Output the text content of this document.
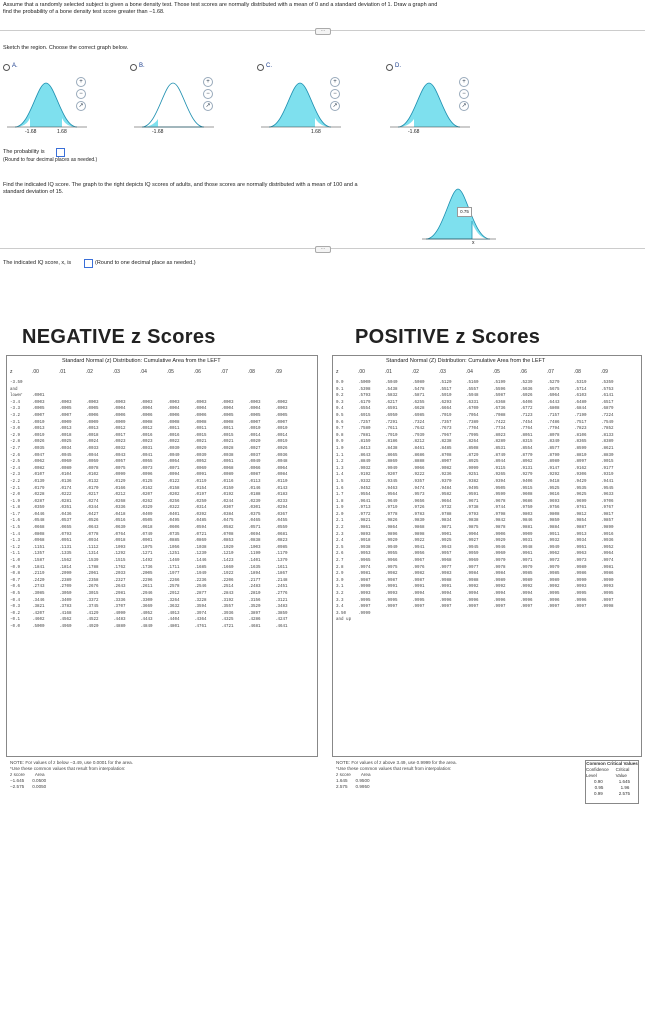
Assume that a randomly selected subject is given a bone density test. Those test scores are normally distributed with a mean of 0 and a standard deviation of 1. Draw a graph and
find the probability of a bone density test score greater than −1.68.
···
Sketch the region. Choose the correct graph below.
A.
-1.68	1.68
+
−
↗
B.
-1.68
+
−
↗
C.
1.68
+
−
↗
D.
-1.68
+
−
↗
The probability is
(Round to four decimal places as needed.)
Find the indicated IQ score. The graph to the right depicts IQ scores of adults, and those scores are normally distributed with a mean of 100 and a
standard deviation of 15.
x
0.75
···
The indicated IQ score, x, is	(Round to one decimal place as needed.)
NEGATIVE z Scores	POSITIVE z Scores
Standard Normal (z) Distribution: Cumulative Area from the LEFT
z	.00	.01	.02	.03	.04	.05	.06	.07	.08	.09
-3.50
and
lower	.0001
-3.4	.0003	.0003	.0003	.0003	.0003	.0003	.0003	.0003	.0003	.0002
-3.3	.0005	.0005	.0005	.0004	.0004	.0004	.0004	.0004	.0004	.0003
-3.2	.0007	.0007	.0006	.0006	.0006	.0006	.0006	.0005	.0005	.0005
-3.1	.0010	.0009	.0009	.0009	.0008	.0008	.0008	.0008	.0007	.0007
-3.0	.0013	.0013	.0013	.0012	.0012	.0011	.0011	.0011	.0010	.0010
-2.9	.0019	.0018	.0018	.0017	.0016	.0016	.0015	.0015	.0014	.0014
-2.8	.0026	.0025	.0024	.0023	.0023	.0022	.0021	.0021	.0020	.0019
-2.7	.0035	.0034	.0033	.0032	.0031	.0030	.0029	.0028	.0027	.0026
-2.6	.0047	.0045	.0044	.0043	.0041	.0040	.0039	.0038	.0037	.0036
-2.5	.0062	.0060	.0059	.0057	.0055	.0054	.0052	.0051	.0049	.0048
-2.4	.0082	.0080	.0078	.0075	.0073	.0071	.0069	.0068	.0066	.0064
-2.3	.0107	.0104	.0102	.0099	.0096	.0094	.0091	.0089	.0087	.0084
-2.2	.0139	.0136	.0132	.0129	.0125	.0122	.0119	.0116	.0113	.0110
-2.1	.0179	.0174	.0170	.0166	.0162	.0158	.0154	.0150	.0146	.0143
-2.0	.0228	.0222	.0217	.0212	.0207	.0202	.0197	.0192	.0188	.0183
-1.9	.0287	.0281	.0274	.0268	.0262	.0256	.0250	.0244	.0239	.0233
-1.8	.0359	.0351	.0344	.0336	.0329	.0322	.0314	.0307	.0301	.0294
-1.7	.0446	.0436	.0427	.0418	.0409	.0401	.0392	.0384	.0375	.0367
-1.6	.0548	.0537	.0526	.0516	.0505	.0495	.0485	.0475	.0465	.0455
-1.5	.0668	.0655	.0643	.0630	.0618	.0606	.0594	.0582	.0571	.0559
-1.4	.0808	.0793	.0778	.0764	.0749	.0735	.0721	.0708	.0694	.0681
-1.3	.0968	.0951	.0934	.0918	.0901	.0885	.0869	.0853	.0838	.0823
-1.2	.1151	.1131	.1112	.1093	.1075	.1056	.1038	.1020	.1003	.0985
-1.1	.1357	.1335	.1314	.1292	.1271	.1251	.1230	.1210	.1190	.1170
-1.0	.1587	.1562	.1539	.1515	.1492	.1469	.1446	.1423	.1401	.1379
-0.9	.1841	.1814	.1788	.1762	.1736	.1711	.1685	.1660	.1635	.1611
-0.8	.2119	.2090	.2061	.2033	.2005	.1977	.1949	.1922	.1894	.1867
-0.7	.2420	.2389	.2358	.2327	.2296	.2266	.2236	.2206	.2177	.2148
-0.6	.2743	.2709	.2676	.2643	.2611	.2578	.2546	.2514	.2483	.2451
-0.5	.3085	.3050	.3015	.2981	.2946	.2912	.2877	.2843	.2810	.2776
-0.4	.3446	.3409	.3372	.3336	.3300	.3264	.3228	.3192	.3156	.3121
-0.3	.3821	.3783	.3745	.3707	.3669	.3632	.3594	.3557	.3520	.3483
-0.2	.4207	.4168	.4129	.4090	.4052	.4013	.3974	.3936	.3897	.3859
-0.1	.4602	.4562	.4522	.4483	.4443	.4404	.4364	.4325	.4286	.4247
-0.0	.5000	.4960	.4920	.4880	.4840	.4801	.4761	.4721	.4681	.4641
NOTE: For values of z below −3.49, use 0.0001 for the area.
*Use these common values that result from interpolation:
z score Area
−1.645 0.0500
−2.575 0.0050
Standard Normal (Z) Distribution: Cumulative Area from the LEFT
z	.00	.01	.02	.03	.04	.05	.06	.07	.08	.09
0.0	.5000	.5040	.5080	.5120	.5160	.5199	.5239	.5279	.5319	.5359
0.1	.5398	.5438	.5478	.5517	.5557	.5596	.5636	.5675	.5714	.5753
0.2	.5793	.5832	.5871	.5910	.5948	.5987	.6026	.6064	.6103	.6141
0.3	.6179	.6217	.6255	.6293	.6331	.6368	.6406	.6443	.6480	.6517
0.4	.6554	.6591	.6628	.6664	.6700	.6736	.6772	.6808	.6844	.6879
0.5	.6915	.6950	.6985	.7019	.7054	.7088	.7123	.7157	.7190	.7224
0.6	.7257	.7291	.7324	.7357	.7389	.7422	.7454	.7486	.7517	.7549
0.7	.7580	.7611	.7642	.7673	.7704	.7734	.7764	.7794	.7823	.7852
0.8	.7881	.7910	.7939	.7967	.7995	.8023	.8051	.8078	.8106	.8133
0.9	.8159	.8186	.8212	.8238	.8264	.8289	.8315	.8340	.8365	.8389
1.0	.8413	.8438	.8461	.8485	.8508	.8531	.8554	.8577	.8599	.8621
1.1	.8643	.8665	.8686	.8708	.8729	.8749	.8770	.8790	.8810	.8830
1.2	.8849	.8869	.8888	.8907	.8925	.8944	.8962	.8980	.8997	.9015
1.3	.9032	.9049	.9066	.9082	.9099	.9115	.9131	.9147	.9162	.9177
1.4	.9192	.9207	.9222	.9236	.9251	.9265	.9279	.9292	.9306	.9319
1.5	.9332	.9345	.9357	.9370	.9382	.9394	.9406	.9418	.9429	.9441
1.6	.9452	.9463	.9474	.9484	.9495	.9505	.9515	.9525	.9535	.9545
1.7	.9554	.9564	.9573	.9582	.9591	.9599	.9608	.9616	.9625	.9633
1.8	.9641	.9649	.9656	.9664	.9671	.9678	.9686	.9693	.9699	.9706
1.9	.9713	.9719	.9726	.9732	.9738	.9744	.9750	.9756	.9761	.9767
2.0	.9772	.9778	.9783	.9788	.9793	.9798	.9803	.9808	.9812	.9817
2.1	.9821	.9826	.9830	.9834	.9838	.9842	.9846	.9850	.9854	.9857
2.2	.9861	.9864	.9868	.9871	.9875	.9878	.9881	.9884	.9887	.9890
2.3	.9893	.9896	.9898	.9901	.9904	.9906	.9909	.9911	.9913	.9916
2.4	.9918	.9920	.9922	.9925	.9927	.9929	.9931	.9932	.9934	.9936
2.5	.9938	.9940	.9941	.9943	.9945	.9946	.9948	.9949	.9951	.9952
2.6	.9953	.9955	.9956	.9957	.9959	.9960	.9961	.9962	.9963	.9964
2.7	.9965	.9966	.9967	.9968	.9969	.9970	.9971	.9972	.9973	.9974
2.8	.9974	.9975	.9976	.9977	.9977	.9978	.9979	.9979	.9980	.9981
2.9	.9981	.9982	.9982	.9983	.9984	.9984	.9985	.9985	.9986	.9986
3.0	.9987	.9987	.9987	.9988	.9988	.9989	.9989	.9989	.9990	.9990
3.1	.9990	.9991	.9991	.9991	.9992	.9992	.9992	.9992	.9993	.9993
3.2	.9993	.9993	.9994	.9994	.9994	.9994	.9994	.9995	.9995	.9995
3.3	.9995	.9995	.9995	.9996	.9996	.9996	.9996	.9996	.9996	.9997
3.4	.9997	.9997	.9997	.9997	.9997	.9997	.9997	.9997	.9997	.9998
3.50	.9999
and up
NOTE: For values of z above 3.49, use 0.9999 for the area.
*Use these common values that result from interpolation:
z score Area
1.645 0.9500
2.575 0.9950
Common Critical Values
Confidence Level
Critical Value
0.90	1.645
0.95	1.96
0.99	2.575
